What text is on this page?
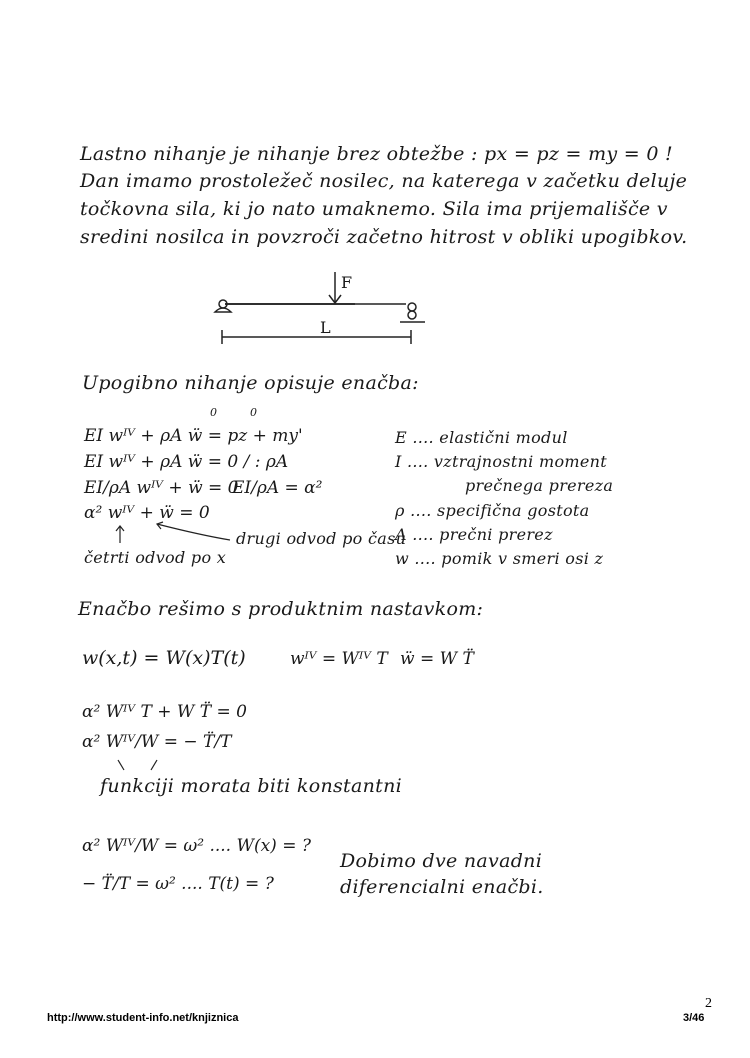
Lastno nihanje je nihanje brez obtežbe : px = pz = my = 0 !
Dan imamo prostoležeč nosilec, na katerega v začetku deluje
točkovna sila, ki jo nato umaknemo. Sila ima prijemališče v
sredini nosilca in povzroči začetno hitrost v obliki upogibkov.
F
L
Upogibno nihanje opisuje enačba:
0	0
EI wᴵⱽ + ρA ẅ = pz + my'
EI wᴵⱽ + ρA ẅ = 0 / : ρA
EI/ρA wᴵⱽ + ẅ = 0
EI/ρA = α²
α² wᴵⱽ + ẅ = 0
drugi odvod po času
četrti odvod po x
E .... elastični modul
I .... vztrajnostni moment
prečnega prereza
ρ .... specifična gostota
A .... prečni prerez
w .... pomik v smeri osi z
Enačbo rešimo s produktnim nastavkom:
w(x,t) = W(x)T(t)	wᴵⱽ = Wᴵⱽ T ẅ = W T̈
α² Wᴵⱽ T + W T̈ = 0
α² Wᴵⱽ/W = − T̈/T
funkciji morata biti konstantni
α² Wᴵⱽ/W = ω² .... W(x) = ?
− T̈/T = ω² .... T(t) = ?
Dobimo dve navadni
diferencialni enačbi.
2
http://www.student-info.net/knjiznica	3/46
